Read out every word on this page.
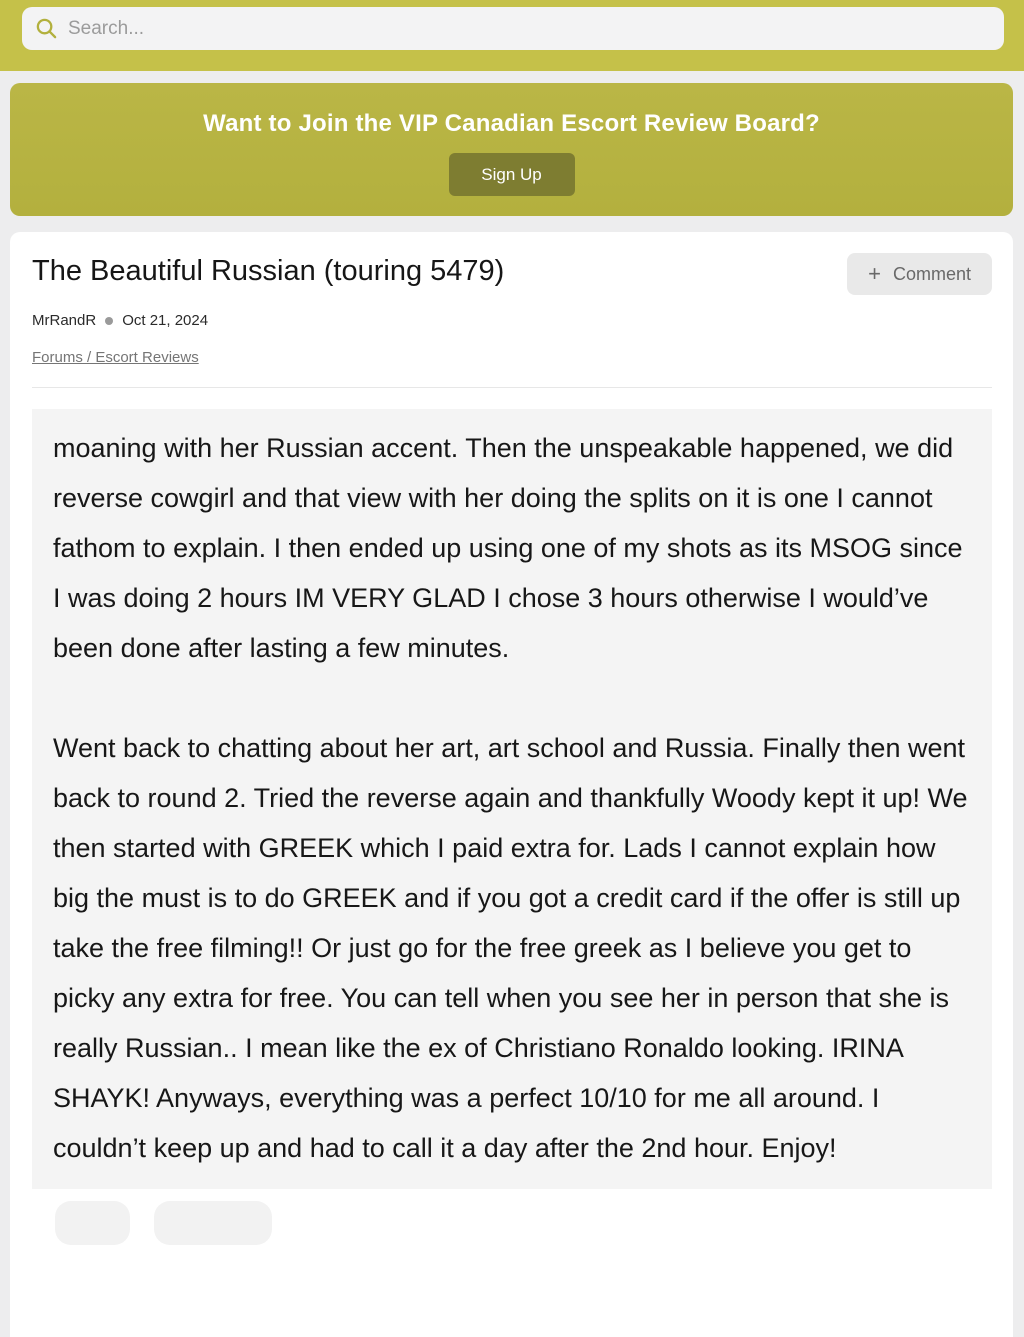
Search...
Want to Join the VIP Canadian Escort Review Board?
Sign Up
The Beautiful Russian (touring 5479)	+ Comment
MrRandR Oct 21, 2024
Forums / Escort Reviews

moaning with her Russian accent. Then the unspeakable happened, we did reverse cowgirl and that view with her doing the splits on it is one I cannot fathom to explain. I then ended up using one of my shots as its MSOG since I was doing 2 hours IM VERY GLAD I chose 3 hours otherwise I would’ve been done after lasting a few minutes.

Went back to chatting about her art, art school and Russia. Finally then went back to round 2. Tried the reverse again and thankfully Woody kept it up! We then started with GREEK which I paid extra for. Lads I cannot explain how big the must is to do GREEK and if you got a credit card if the offer is still up take the free filming!! Or just go for the free greek as I believe you get to picky any extra for free. You can tell when you see her in person that she is really Russian.. I mean like the ex of Christiano Ronaldo looking. IRINA SHAYK! Anyways, everything was a perfect 10/10 for me all around. I couldn’t keep up and had to call it a day after the 2nd hour. Enjoy!
